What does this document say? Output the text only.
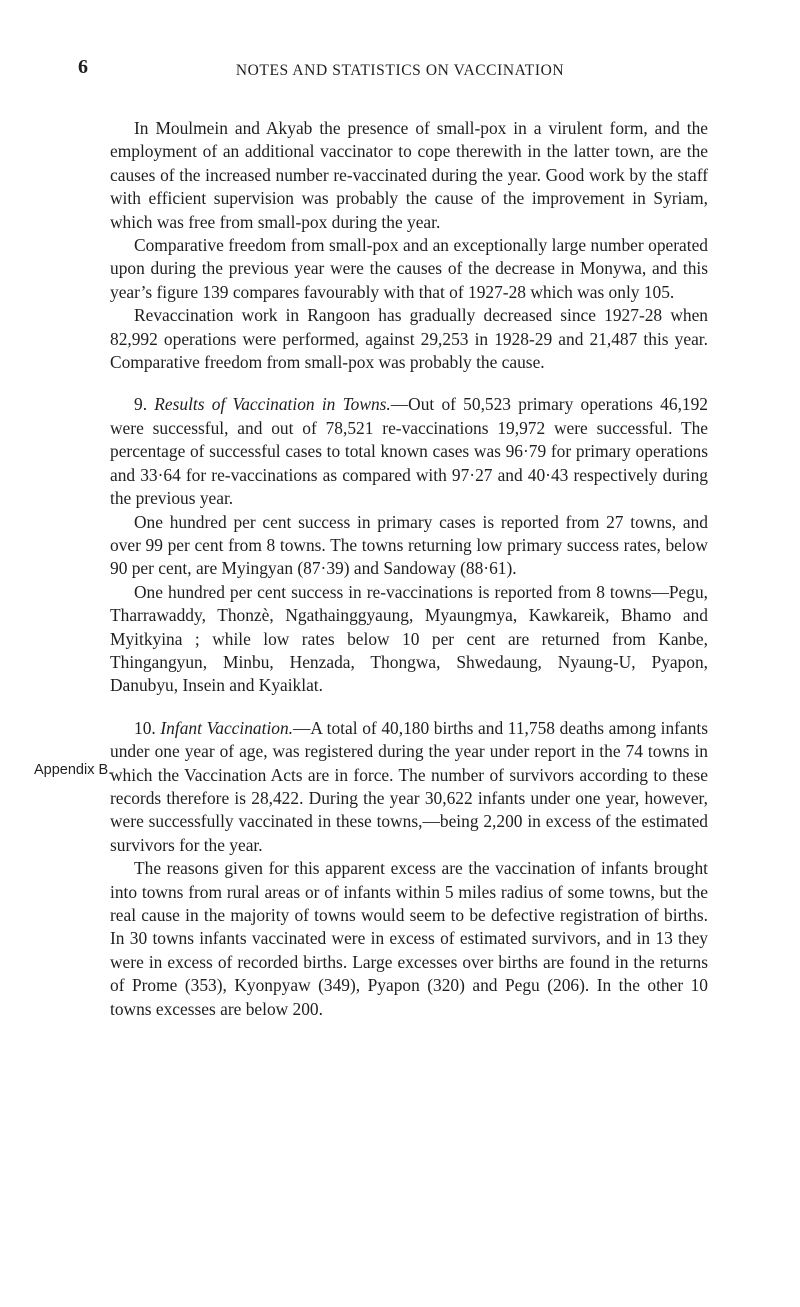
6	NOTES AND STATISTICS ON VACCINATION
Appendix B.

In Moulmein and Akyab the presence of small-pox in a virulent form, and the employment of an additional vaccinator to cope therewith in the latter town, are the causes of the increased number re-vaccinated during the year. Good work by the staff with efficient supervision was probably the cause of the improvement in Syriam, which was free from small-pox during the year.

Comparative freedom from small-pox and an exceptionally large number operated upon during the previous year were the causes of the decrease in Monywa, and this year’s figure 139 compares favourably with that of 1927-28 which was only 105.

Revaccination work in Rangoon has gradually decreased since 1927-28 when 82,992 operations were performed, against 29,253 in 1928-29 and 21,487 this year. Comparative freedom from small-pox was probably the cause.

9. Results of Vaccination in Towns.—Out of 50,523 primary operations 46,192 were successful, and out of 78,521 re-vaccinations 19,972 were successful. The percentage of successful cases to total known cases was 96·79 for primary operations and 33·64 for re-vaccinations as compared with 97·27 and 40·43 respectively during the previous year.

One hundred per cent success in primary cases is reported from 27 towns, and over 99 per cent from 8 towns. The towns returning low primary success rates, below 90 per cent, are Myingyan (87·39) and Sandoway (88·61).

One hundred per cent success in re-vaccinations is reported from 8 towns—Pegu, Tharrawaddy, Thonzè, Ngathainggyaung, Myaungmya, Kawkareik, Bhamo and Myitkyina ; while low rates below 10 per cent are returned from Kanbe, Thingangyun, Minbu, Henzada, Thongwa, Shwedaung, Nyaung-U, Pyapon, Danubyu, Insein and Kyaiklat.

10. Infant Vaccination.—A total of 40,180 births and 11,758 deaths among infants under one year of age, was registered during the year under report in the 74 towns in which the Vaccination Acts are in force. The number of survivors according to these records therefore is 28,422. During the year 30,622 infants under one year, however, were successfully vaccinated in these towns,—being 2,200 in excess of the estimated survivors for the year.

The reasons given for this apparent excess are the vaccination of infants brought into towns from rural areas or of infants within 5 miles radius of some towns, but the real cause in the majority of towns would seem to be defective registration of births. In 30 towns infants vaccinated were in excess of estimated survivors, and in 13 they were in excess of recorded births. Large excesses over births are found in the returns of Prome (353), Kyonpyaw (349), Pyapon (320) and Pegu (206). In the other 10 towns excesses are below 200.
